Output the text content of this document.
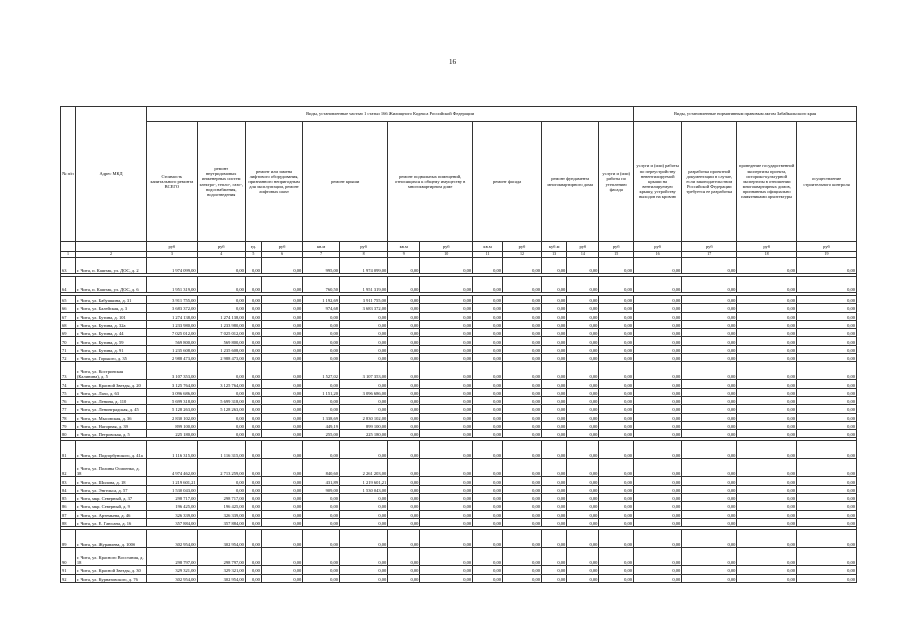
16
№ п/п	Адрес МКД	Виды, установленные частью 1 статьи 166 Жилищного Кодекса Российской Федерации													Виды, установленные нормативным правовым актом Забайкальского края			
		Стоимость капитального ремонта ВСЕГО	ремонт внутридомовых инженерных систем электро-, тепло-, газо-, водоснабжения, водоотведения	ремонт или замена лифтового оборудования, признанного непригодным для эксплуатации, ремонт лифтовых шахт		ремонт крыши		ремонт подвальных помещений, относящихся к общему имуществу в многоквартирном доме		ремонт фасада		ремонт фундамента многоквартирного дома		услуги и (или) работы по утеплению фасада	услуги и (или) работы по переустройству невентилируемой крыши на вентилируемую крышу, устройству выходов на кровлю	разработка проектной документации в случае, если законодательством Российской Федерации требуется ее разработка	проведение государственной экспертизы проекта, историко-культурной экспертизы в отношении многоквартирных домов, признанных официально памятниками архитектуры	осуществление строительного контроля
		руб	руб	ед.	руб	кв.м	руб	кв.м	руб	кв.м	руб	куб.м	руб	руб	руб	руб	руб	руб
1	2	3	4	5	6	7	8	9	10	11	12	13	14	15	16	17	18	19
63	г. Чита, п. Каштак, ул. ДОС, д. 2	1 974 099,00	0,00	0,00	0,00	995,00	1 974 099,00	0,00	0,00	0,00	0,00	0,00	0,00	0,00	0,00	0,00	0,00	0,00

64	г. Чита, п. Каштак, ул. ДОС, д. 6	1 951 319,00	0,00	0,00	0,00	760,50	1 951 319,00	0,00	0,00	0,00	0,00	0,00	0,00	0,00	0,00	0,00	0,00	0,00

65	г. Чита, ул. Бабушкина, д. 31	3 911 755,00	0,00	0,00	0,00	1 192,69	3 911 755,00	0,00	0,00	0,00	0,00	0,00	0,00	0,00	0,00	0,00	0,00	0,00
66	г. Чита, ул. Балейская, д. 3	3 683 372,00	0,00	0,00	0,00	974,68	3 683 372,00	0,00	0,00	0,00	0,00	0,00	0,00	0,00	0,00	0,00	0,00	0,00
67	г. Чита, ул. Бутина, д. 101	1 274 138,00	1 274 138,00	0,00	0,00	0,00	0,00	0,00	0,00	0,00	0,00	0,00	0,00	0,00	0,00	0,00	0,00	0,00
68	г. Чита, ул. Бутина, д. 32а	1 233 980,00	1 233 980,00	0,00	0,00	0,00	0,00	0,00	0,00	0,00	0,00	0,00	0,00	0,00	0,00	0,00	0,00	0,00
69	г. Чита, ул. Бутина, д. 44	7 025 012,00	7 025 012,00	0,00	0,00	0,00	0,00	0,00	0,00	0,00	0,00	0,00	0,00	0,00	0,00	0,00	0,00	0,00
70	г. Чита, ул. Бутина, д. 59	569 800,00	569 800,00	0,00	0,00	0,00	0,00	0,00	0,00	0,00	0,00	0,00	0,00	0,00	0,00	0,00	0,00	0,00
71	г. Чита, ул. Бутина, д. 91	1 235 608,00	1 235 608,00	0,00	0,00	0,00	0,00	0,00	0,00	0,00	0,00	0,00	0,00	0,00	0,00	0,00	0,00	0,00
72	г. Чита, ул. Горького, д. 35	2 988 473,00	2 988 473,00	0,00	0,00	0,00	0,00	0,00	0,00	0,00	0,00	0,00	0,00	0,00	0,00	0,00	0,00	0,00
73	г. Чита, ул. Костринская (Калинина), д. 5	3 107 353,00	0,00	0,00	0,00	1 527,02	3 107 353,00	0,00	0,00	0,00	0,00	0,00	0,00	0,00	0,00	0,00	0,00	0,00
74	г. Чита, ул. Красной Звезды, д. 20	3 125 764,00	3 125 764,00	0,00	0,00	0,00	0,00	0,00	0,00	0,00	0,00	0,00	0,00	0,00	0,00	0,00	0,00	0,00
75	г. Чита, ул. Лазо, д. 63	3 096 686,00	0,00	0,00	0,00	1 151,20	3 096 686,00	0,00	0,00	0,00	0,00	0,00	0,00	0,00	0,00	0,00	0,00	0,00
76	г. Чита, ул. Ленина, д. 110	5 699 318,00	5 699 318,00	0,00	0,00	0,00	0,00	0,00	0,00	0,00	0,00	0,00	0,00	0,00	0,00	0,00	0,00	0,00
77	г. Чита, ул. Ленинградская, д. 45	5 128 263,00	5 128 263,00	0,00	0,00	0,00	0,00	0,00	0,00	0,00	0,00	0,00	0,00	0,00	0,00	0,00	0,00	0,00
78	г. Чита, ул. Мысовская, д. 36	2 830 102,00	0,00	0,00	0,00	1 338,69	2 830 102,00	0,00	0,00	0,00	0,00	0,00	0,00	0,00	0,00	0,00	0,00	0,00
79	г. Чита, ул. Нагорная, д. 39	899 100,00	0,00	0,00	0,00	449,19	899 100,00	0,00	0,00	0,00	0,00	0,00	0,00	0,00	0,00	0,00	0,00	0,00
80	г. Чита, ул. Петровская, д. 5	225 180,00	0,00	0,00	0,00	255,00	225 180,00	0,00	0,00	0,00	0,00	0,00	0,00	0,00	0,00	0,00	0,00	0,00

81	г. Чита, ул. Подгорбунского, д. 41а	1 116 315,00	1 116 315,00	0,00	0,00	0,00	0,00	0,00	0,00	0,00	0,00	0,00	0,00	0,00	0,00	0,00	0,00	0,00
82	г. Чита, ул. Полины Осипенко, д. 38	4 974 462,00	2 713 259,00	0,00	0,00	840,60	2 261 203,00	0,00	0,00	0,00	0,00	0,00	0,00	0,00	0,00	0,00	0,00	0,00
83	г. Чита, ул. Шилова, д. 18	1 219 601,21	0,00	0,00	0,00	431,89	1 219 601,21	0,00	0,00	0,00	0,00	0,00	0,00	0,00	0,00	0,00	0,00	0,00
84	г. Чита, ул. Энгельса, д. 57	1 530 043,00	0,00	0,00	0,00	909,00	1 530 043,00	0,00	0,00	0,00	0,00	0,00	0,00	0,00	0,00	0,00	0,00	0,00
85	г. Чита, мкр. Северный, д. 37	298 717,00	298 717,00	0,00	0,00	0,00	0,00	0,00	0,00	0,00	0,00	0,00	0,00	0,00	0,00	0,00	0,00	0,00
86	г. Чита, мкр. Северный, д. 9	196 425,00	196 425,00	0,00	0,00	0,00	0,00	0,00	0,00	0,00	0,00	0,00	0,00	0,00	0,00	0,00	0,00	0,00
87	г. Чита, ул. Артемьева, д. 46	326 339,00	326 339,00	0,00	0,00	0,00	0,00	0,00	0,00	0,00	0,00	0,00	0,00	0,00	0,00	0,00	0,00	0,00
88	г. Чита, ул. Е. Гаюсана, д. 16	357 884,00	357 884,00	0,00	0,00	0,00	0,00	0,00	0,00	0,00	0,00	0,00	0,00	0,00	0,00	0,00	0,00	0,00

89	г. Чита, ул. Журавлева, д. 100б	302 954,00	302 954,00	0,00	0,00	0,00	0,00	0,00	0,00	0,00	0,00	0,00	0,00	0,00	0,00	0,00	0,00	0,00
90	г. Чита, ул. Красного Восстания, д. 18	298 797,00	298 797,00	0,00	0,00	0,00	0,00	0,00	0,00	0,00	0,00	0,00	0,00	0,00	0,00	0,00	0,00	0,00
91	г. Чита, ул. Красной Звезды, д. 30	329 321,00	329 321,00	0,00	0,00	0,00	0,00	0,00	0,00	0,00	0,00	0,00	0,00	0,00	0,00	0,00	0,00	0,00
92	г. Чита, ул. Курнатовского, д. 76	302 954,00	302 954,00	0,00	0,00	0,00	0,00	0,00	0,00	0,00	0,00	0,00	0,00	0,00	0,00	0,00	0,00	0,00
